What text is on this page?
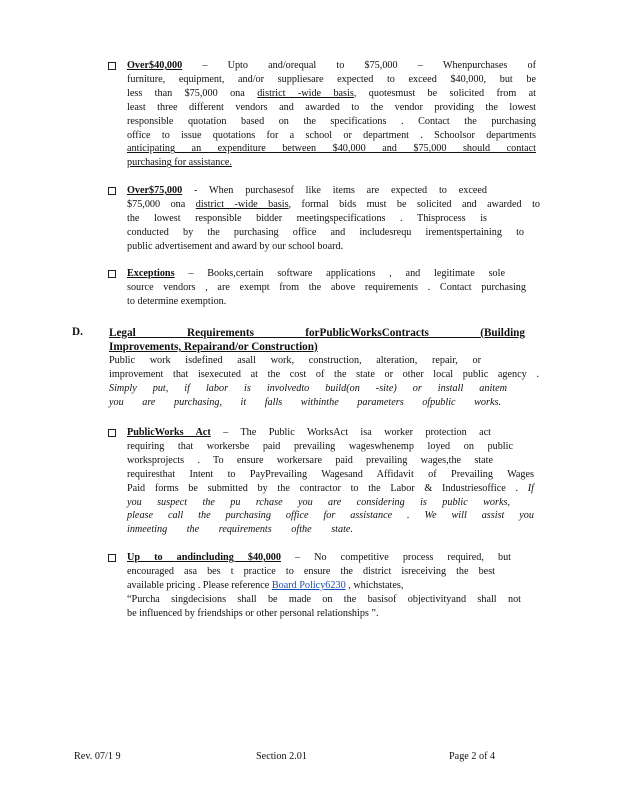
Over$40,000 – Upto and/orequal to $75,000 – Whenpurchases of
furniture, equipment, and/or suppliesare expected to exceed $40,000, but be
less than $75,000 ona district -wide basis, quotesmust be solicited from at
least three different vendors and awarded to the vendor providing the lowest
responsible quotation based on the specifications . Contact the purchasing
office to issue quotations for a school or department . Schoolsor departments
anticipating an expenditure between $40,000 and $75,000 should contact
purchasing for assistance.
Over$75,000 - When purchasesof like items are expected to exceed
$75,000 ona district -wide basis, formal bids must be solicited and awarded to
the lowest responsible bidder meetingspecifications . Thisprocess is
conducted by the purchasing office and includesrequ irementspertaining to
public advertisement and award by our school board.
Exceptions – Books,certain software applications , and legitimate sole
source vendors , are exempt from the above requirements . Contact purchasing
to determine exemption.
D. Legal Requirements forPublicWorksContracts (Building
Improvements, Repairand/or Construction)
Public work isdefined asall work, construction, alteration, repair, or
improvement that isexecuted at the cost of the state or other local public agency .
Simply put, if labor is involvedto build(on -site) or install anitem
you are purchasing, it falls withinthe parameters ofpublic works.
PublicWorks Act – The Public WorksAct isa worker protection act
requiring that workersbe paid prevailing wageswhenemp loyed on public
worksprojects . To ensure workersare paid prevailing wages,the state
requiresthat Intent to PayPrevailing Wagesand Affidavit of Prevailing Wages
Paid forms be submitted by the contractor to the Labor & Industriesoffice . If
you suspect the pu rchase you are considering is public works,
please call the purchasing office for assistance . We will assist you
inmeeting the requirements ofthe state.
Up to andincluding $40,000 – No competitive process required, but
encouraged asa bes t practice to ensure the district isreceiving the best
available pricing . Please reference Board Policy6230 , whichstates,
“Purcha singdecisions shall be made on the basisof objectivityand shall not
be influenced by friendships or other personal relationships ”.
Rev. 07/1 9	Section 2.01	Page 2 of 4
